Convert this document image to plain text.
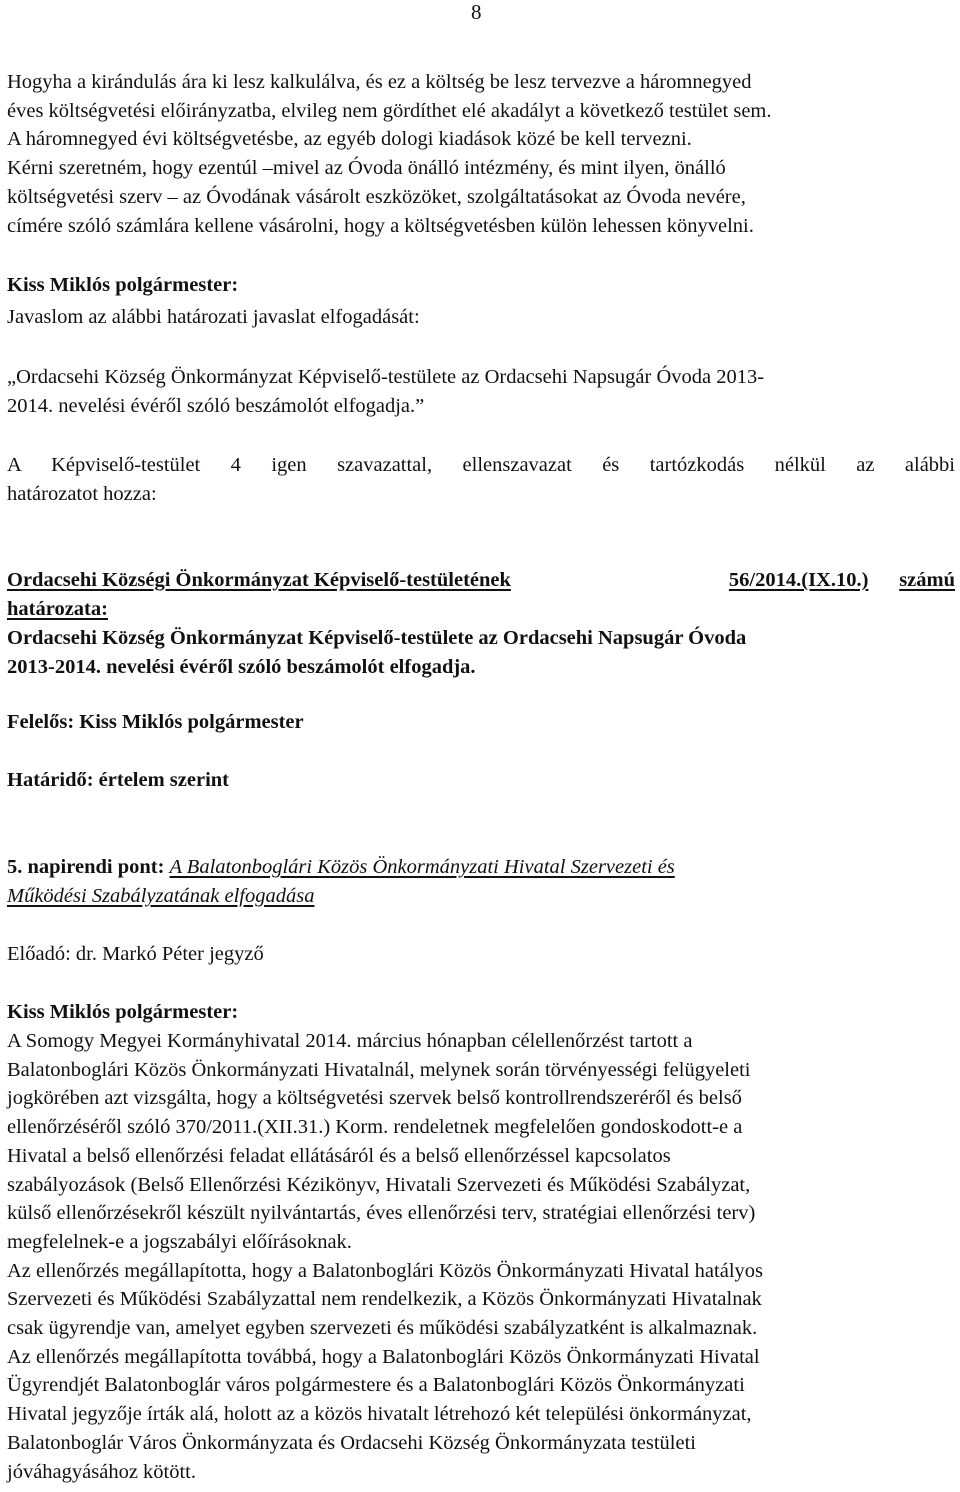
8
Hogyha a kirándulás ára ki lesz kalkulálva, és ez a költség be lesz tervezve a háromnegyed
éves költségvetési előirányzatba, elvileg nem gördíthet elé akadályt a következő testület sem.
A háromnegyed évi költségvetésbe, az egyéb dologi kiadások közé be kell tervezni.
Kérni szeretném, hogy ezentúl –mivel az Óvoda önálló intézmény, és mint ilyen, önálló
költségvetési szerv – az Óvodának vásárolt eszközöket, szolgáltatásokat az Óvoda nevére,
címére szóló számlára kellene vásárolni, hogy a költségvetésben külön lehessen könyvelni.
Kiss Miklós polgármester:
Javaslom az alábbi határozati javaslat elfogadását:
„Ordacsehi Község Önkormányzat Képviselő-testülete az Ordacsehi Napsugár Óvoda 2013-
2014. nevelési évéről szóló beszámolót elfogadja.”
A Képviselő-testület 4 igen szavazattal, ellenszavazat és tartózkodás nélkül az alábbi
határozatot hozza:
Ordacsehi Községi Önkormányzat Képviselő-testületének	56/2014.(IX.10.) számú
határozata:
Ordacsehi Község Önkormányzat Képviselő-testülete az Ordacsehi Napsugár Óvoda
2013-2014. nevelési évéről szóló beszámolót elfogadja.
Felelős: Kiss Miklós polgármester
Határidő: értelem szerint
5. napirendi pont: A Balatonboglári Közös Önkormányzati Hivatal Szervezeti és
Működési Szabályzatának elfogadása
Előadó: dr. Markó Péter jegyző
Kiss Miklós polgármester:
A Somogy Megyei Kormányhivatal 2014. március hónapban célellenőrzést tartott a
Balatonboglári Közös Önkormányzati Hivatalnál, melynek során törvényességi felügyeleti
jogkörében azt vizsgálta, hogy a költségvetési szervek belső kontrollrendszeréről és belső
ellenőrzéséről szóló 370/2011.(XII.31.) Korm. rendeletnek megfelelően gondoskodott-e a
Hivatal a belső ellenőrzési feladat ellátásáról és a belső ellenőrzéssel kapcsolatos
szabályozások (Belső Ellenőrzési Kézikönyv, Hivatali Szervezeti és Működési Szabályzat,
külső ellenőrzésekről készült nyilvántartás, éves ellenőrzési terv, stratégiai ellenőrzési terv)
megfelelnek-e a jogszabályi előírásoknak.
Az ellenőrzés megállapította, hogy a Balatonboglári Közös Önkormányzati Hivatal hatályos
Szervezeti és Működési Szabályzattal nem rendelkezik, a Közös Önkormányzati Hivatalnak
csak ügyrendje van, amelyet egyben szervezeti és működési szabályzatként is alkalmaznak.
Az ellenőrzés megállapította továbbá, hogy a Balatonboglári Közös Önkormányzati Hivatal
Ügyrendjét Balatonboglár város polgármestere és a Balatonboglári Közös Önkormányzati
Hivatal jegyzője írták alá, holott az a közös hivatalt létrehozó két települési önkormányzat,
Balatonboglár Város Önkormányzata és Ordacsehi Község Önkormányzata testületi
jóváhagyásához kötött.
